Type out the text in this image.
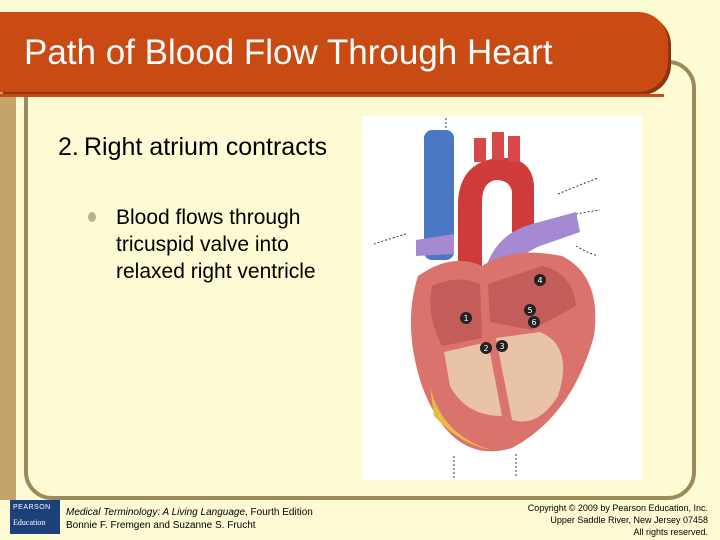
Path of Blood Flow Through Heart
2. Right atrium contracts
Blood flows through tricuspid valve into relaxed right ventricle
1
2 3
4
5
6
PEARSON
Education
Medical Terminology: A Living Language, Fourth Edition
Bonnie F. Fremgen and Suzanne S. Frucht
Copyright © 2009 by Pearson Education, Inc.
Upper Saddle River, New Jersey 07458
All rights reserved.
